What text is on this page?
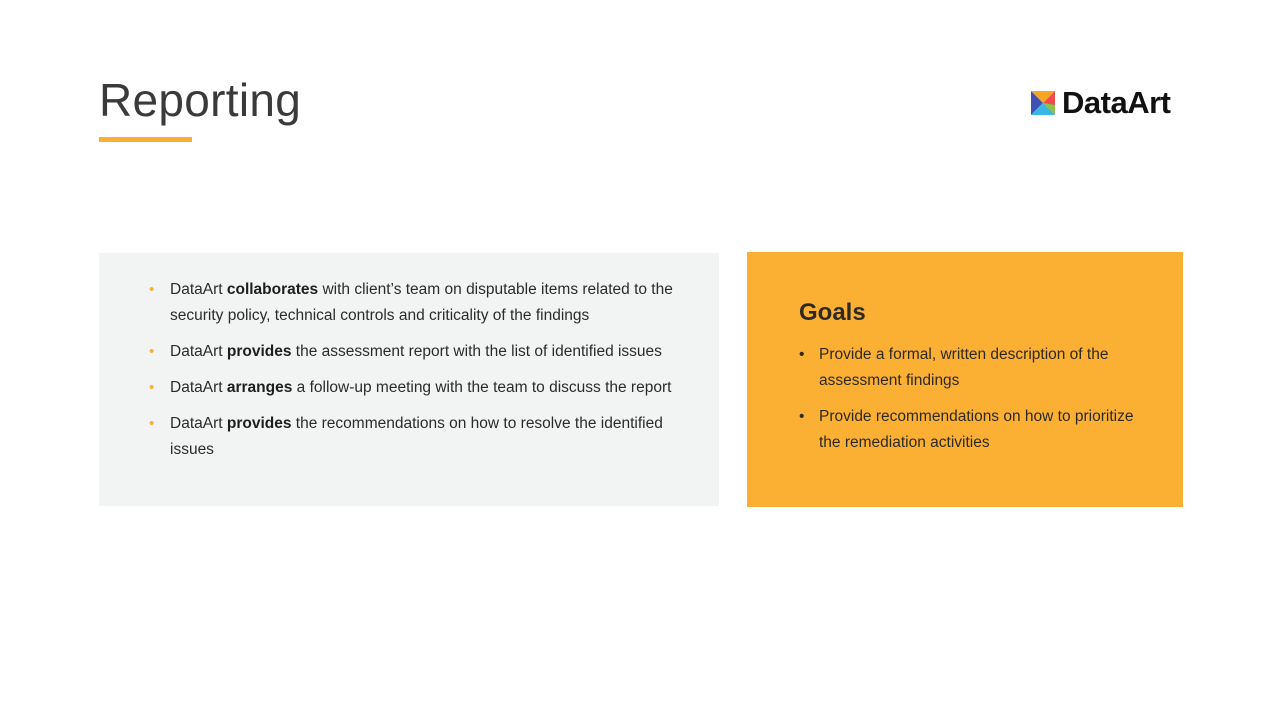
Reporting	DataArt
• DataArt collaborates with client’s team on disputable items related to the security policy, technical controls and criticality of the findings
• DataArt provides the assessment report with the list of identified issues
• DataArt arranges a follow-up meeting with the team to discuss the report
• DataArt provides the recommendations on how to resolve the identified issues
Goals
• Provide a formal, written description of the assessment findings
• Provide recommendations on how to prioritize the remediation activities
